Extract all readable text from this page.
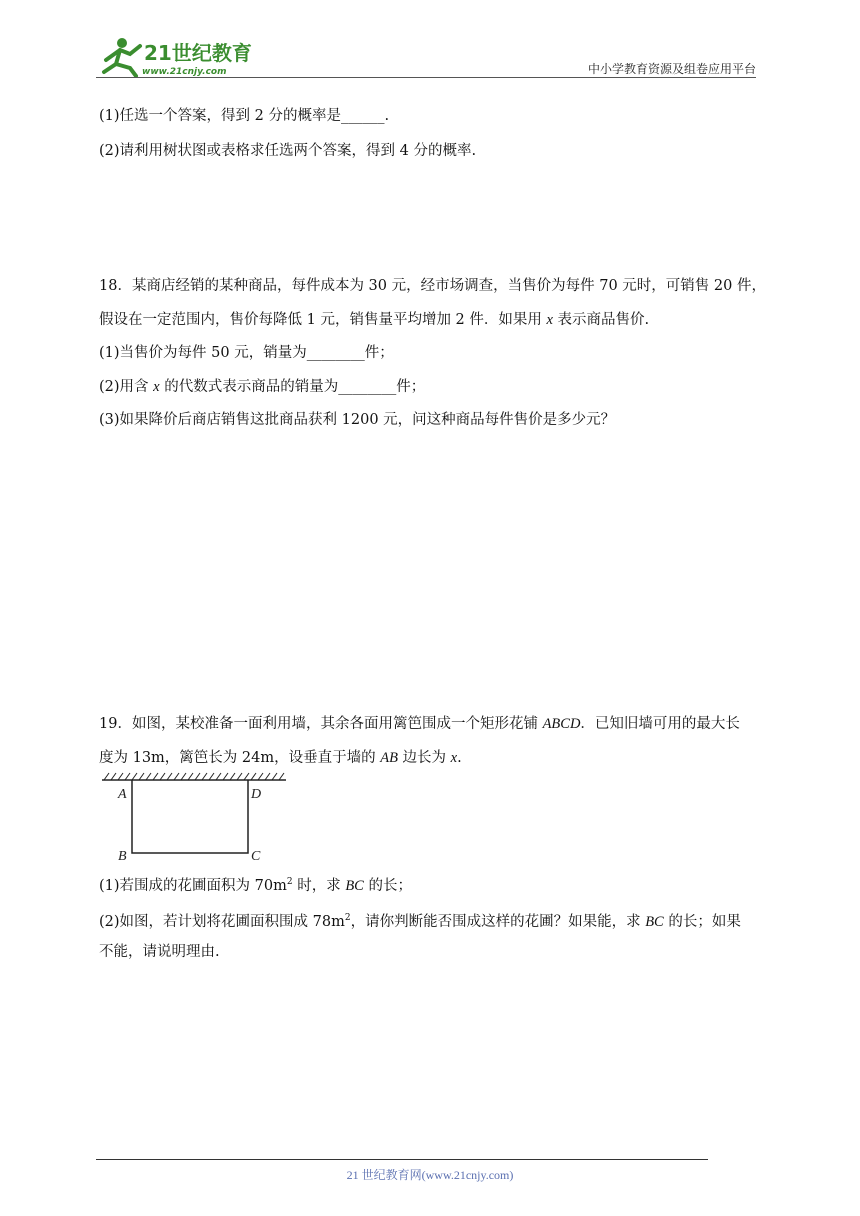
21世纪教育
www.21cnjy.com	中小学教育资源及组卷应用平台
(1)任选一个答案，得到 2 分的概率是______.
(2)请利用树状图或表格求任选两个答案，得到 4 分的概率.
18．某商店经销的某种商品，每件成本为 30 元，经市场调查，当售价为每件 70 元时，可销售 20 件，
假设在一定范围内，售价每降低 1 元，销售量平均增加 2 件．如果用 x 表示商品售价.
(1)当售价为每件 50 元，销量为________件；
(2)用含 x 的代数式表示商品的销量为________件；
(3)如果降价后商店销售这批商品获利 1200 元，问这种商品每件售价是多少元？
19．如图，某校准备一面利用墙，其余各面用篱笆围成一个矩形花铺 ABCD．已知旧墙可用的最大长
度为 13m，篱笆长为 24m，设垂直于墙的 AB 边长为 x.
A
B	C
D
(1)若围成的花圃面积为 $70m^2$ 时，求 BC 的长；
(2)如图，若计划将花圃面积围成 $78m^2$，请你判断能否围成这样的花圃？如果能，求 BC 的长；如果
不能，请说明理由.
21 世纪教育网(www.21cnjy.com)
